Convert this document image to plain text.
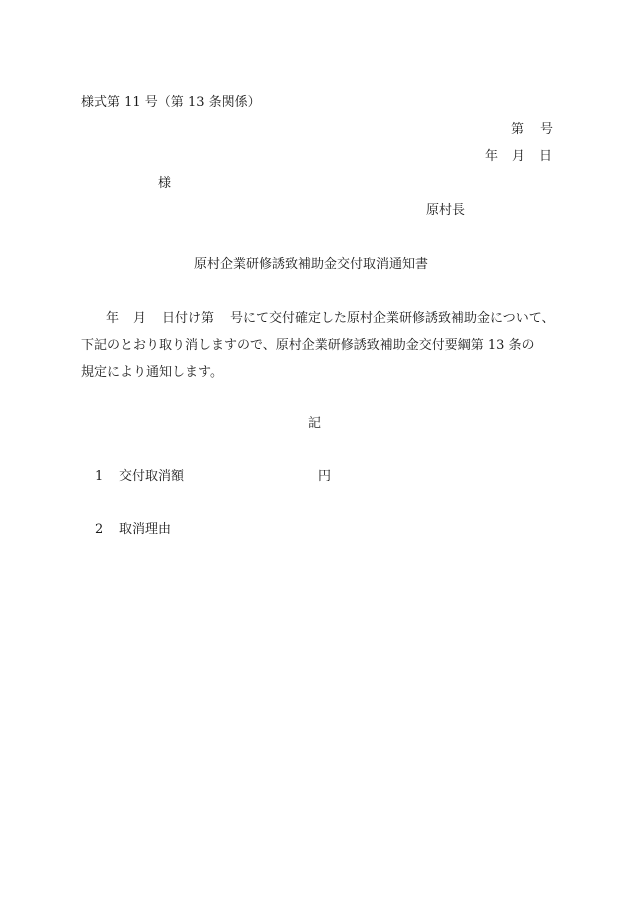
様式第 11 号（第 13 条関係）
第 号
年 月 日
様
原村長
原村企業研修誘致補助金交付取消通知書
年 月 日付け第 号にて交付確定した原村企業研修誘致補助金について、
下記のとおり取り消しますので、原村企業研修誘致補助金交付要綱第 13 条の
規定により通知します。
記
1 交付取消額	円
2 取消理由
